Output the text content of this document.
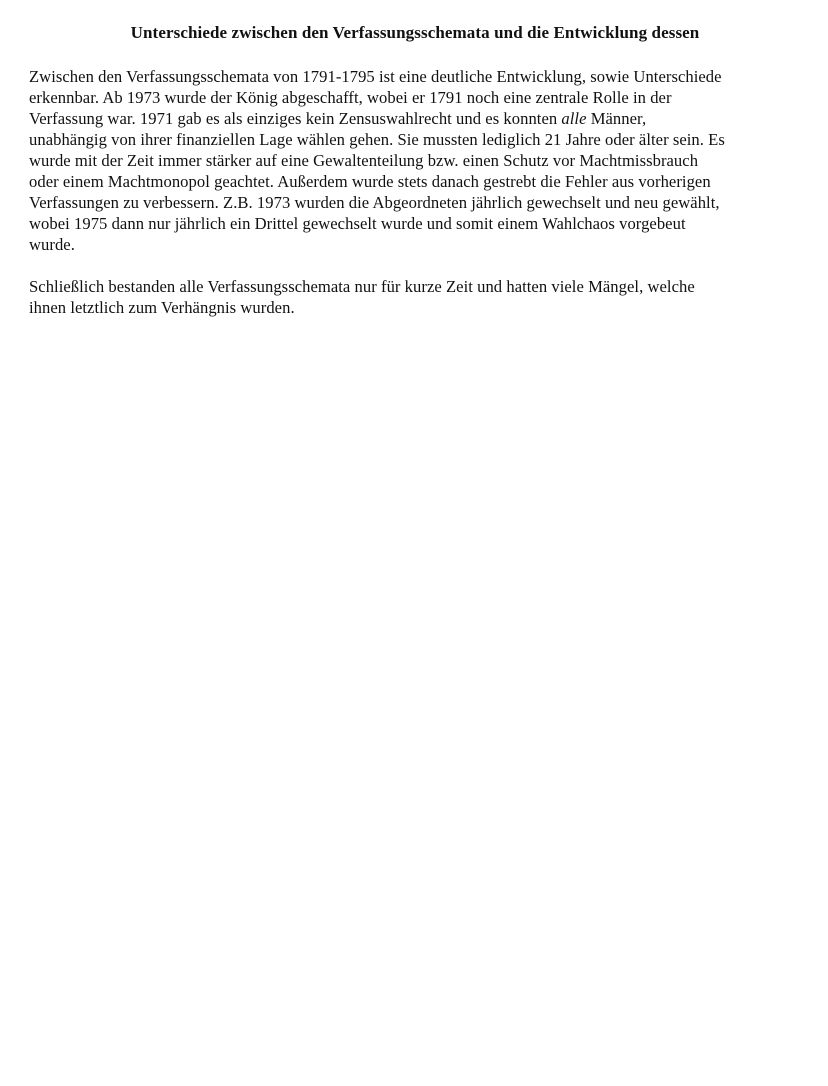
Unterschiede zwischen den Verfassungsschemata und die Entwicklung dessen

Zwischen den Verfassungsschemata von 1791-1795 ist eine deutliche Entwicklung, sowie Unterschiede
erkennbar. Ab 1973 wurde der König abgeschafft, wobei er 1791 noch eine zentrale Rolle in der
Verfassung war. 1971 gab es als einziges kein Zensuswahlrecht und es konnten alle Männer,
unabhängig von ihrer finanziellen Lage wählen gehen. Sie mussten lediglich 21 Jahre oder älter sein. Es
wurde mit der Zeit immer stärker auf eine Gewaltenteilung bzw. einen Schutz vor Machtmissbrauch
oder einem Machtmonopol geachtet. Außerdem wurde stets danach gestrebt die Fehler aus vorherigen
Verfassungen zu verbessern. Z.B. 1973 wurden die Abgeordneten jährlich gewechselt und neu gewählt,
wobei 1975 dann nur jährlich ein Drittel gewechselt wurde und somit einem Wahlchaos vorgebeut
wurde.

Schließlich bestanden alle Verfassungsschemata nur für kurze Zeit und hatten viele Mängel, welche
ihnen letztlich zum Verhängnis wurden.
